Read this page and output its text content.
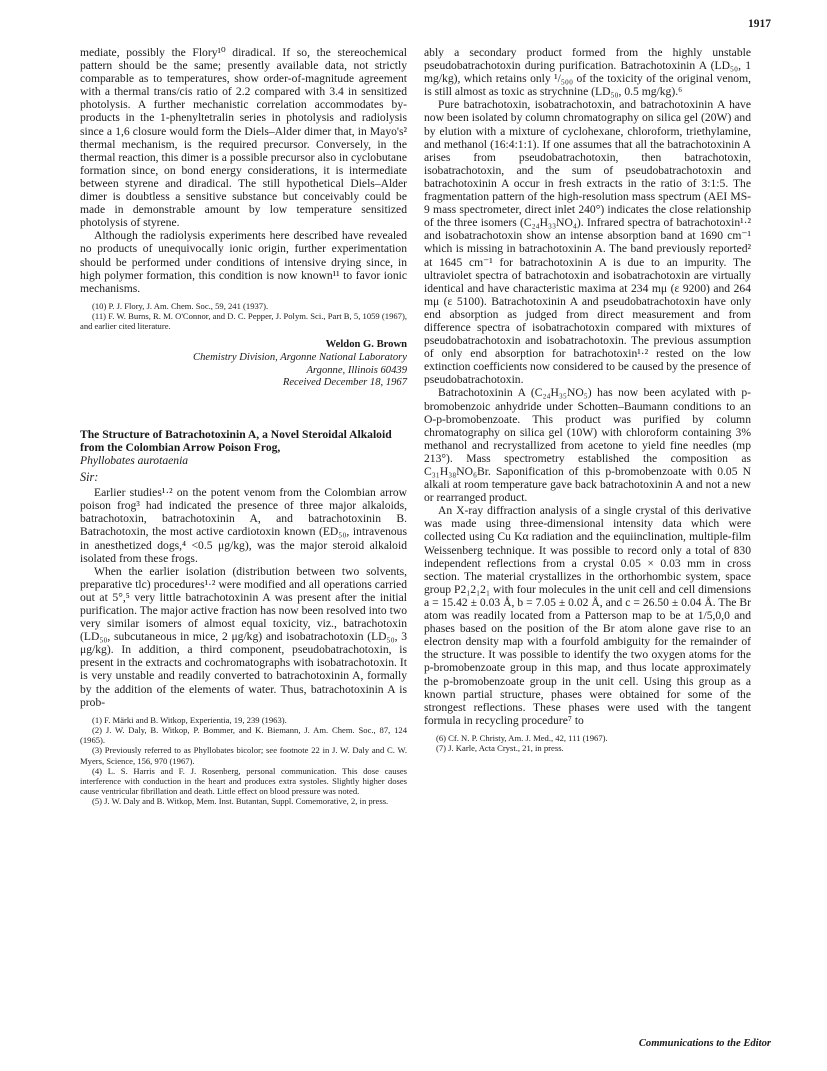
1917

mediate, possibly the Flory¹⁰ diradical. If so, the stereochemical pattern should be the same; presently available data, not strictly comparable as to temperatures, show order-of-magnitude agreement with a thermal trans/cis ratio of 2.2 compared with 3.4 in sensitized photolysis. A further mechanistic correlation accommodates by-products in the 1-phenyltetralin series in photolysis and radiolysis since a 1,6 closure would form the Diels–Alder dimer that, in Mayo's² thermal mechanism, is the required precursor. Conversely, in the thermal reaction, this dimer is a possible precursor also in cyclobutane formation since, on bond energy considerations, it is intermediate between styrene and diradical. The still hypothetical Diels–Alder dimer is doubtless a sensitive substance but conceivably could be made in demonstrable amount by low temperature sensitized photolysis of styrene.

Although the radiolysis experiments here described have revealed no products of unequivocally ionic origin, further experimentation should be performed under conditions of intensive drying since, in high polymer formation, this condition is now known¹¹ to favor ionic mechanisms.

(10) P. J. Flory, J. Am. Chem. Soc., 59, 241 (1937).
(11) F. W. Burns, R. M. O'Connor, and D. C. Pepper, J. Polym. Sci., Part B, 5, 1059 (1967), and earlier cited literature.
Weldon G. Brown
Chemistry Division, Argonne National Laboratory
Argonne, Illinois 60439
Received December 18, 1967
The Structure of Batrachotoxinin A, a Novel Steroidal Alkaloid from the Colombian Arrow Poison Frog,
Phyllobates aurotaenia
Sir:

Earlier studies¹·² on the potent venom from the Colombian arrow poison frog³ had indicated the presence of three major alkaloids, batrachotoxin, batrachotoxinin A, and batrachotoxinin B. Batrachotoxin, the most active cardiotoxin known (ED₅₀, intravenous in anesthetized dogs,⁴ <0.5 μg/kg), was the major steroid alkaloid isolated from these frogs.

When the earlier isolation (distribution between two solvents, preparative tlc) procedures¹·² were modified and all operations carried out at 5°,⁵ very little batrachotoxinin A was present after the initial purification. The major active fraction has now been resolved into two very similar isomers of almost equal toxicity, viz., batrachotoxin (LD₅₀, subcutaneous in mice, 2 μg/kg) and isobatrachotoxin (LD₅₀, 3 μg/kg). In addition, a third component, pseudobatrachotoxin, is present in the extracts and cochromatographs with isobatrachotoxin. It is very unstable and readily converted to batrachotoxinin A, formally by the addition of the elements of water. Thus, batrachotoxinin A is prob-

(1) F. Märki and B. Witkop, Experientia, 19, 239 (1963).
(2) J. W. Daly, B. Witkop, P. Bommer, and K. Biemann, J. Am. Chem. Soc., 87, 124 (1965).
(3) Previously referred to as Phyllobates bicolor; see footnote 22 in J. W. Daly and C. W. Myers, Science, 156, 970 (1967).
(4) L. S. Harris and F. J. Rosenberg, personal communication. This dose causes interference with conduction in the heart and produces extra systoles. Slightly higher doses cause ventricular fibrillation and death. Little effect on blood pressure was noted.
(5) J. W. Daly and B. Witkop, Mem. Inst. Butantan, Suppl. Comemorative, 2, in press.

ably a secondary product formed from the highly unstable pseudobatrachotoxin during purification. Batrachotoxinin A (LD₅₀, 1 mg/kg), which retains only ¹/₅₀₀ of the toxicity of the original venom, is still almost as toxic as strychnine (LD₅₀, 0.5 mg/kg).⁶

Pure batrachotoxin, isobatrachotoxin, and batrachotoxinin A have now been isolated by column chromatography on silica gel (20W) and by elution with a mixture of cyclohexane, chloroform, triethylamine, and methanol (16:4:1:1). If one assumes that all the batrachotoxinin A arises from pseudobatrachotoxin, then batrachotoxin, isobatrachotoxin, and the sum of pseudobatrachotoxin and batrachotoxinin A occur in fresh extracts in the ratio of 3:1:5. The fragmentation pattern of the high-resolution mass spectrum (AEI MS-9 mass spectrometer, direct inlet 240°) indicates the close relationship of the three isomers (C₂₄H₃₃NO₄). Infrared spectra of batrachotoxin¹·² and isobatrachotoxin show an intense absorption band at 1690 cm⁻¹ which is missing in batrachotoxinin A. The band previously reported² at 1645 cm⁻¹ for batrachotoxinin A is due to an impurity. The ultraviolet spectra of batrachotoxin and isobatrachotoxin are virtually identical and have characteristic maxima at 234 mμ (ε 9200) and 264 mμ (ε 5100). Batrachotoxinin A and pseudobatrachotoxin have only end absorption as judged from direct measurement and from difference spectra of isobatrachotoxin compared with mixtures of pseudobatrachotoxin and isobatrachotoxin. The previous assumption of only end absorption for batrachotoxin¹·² rested on the low extinction coefficients now considered to be caused by the presence of pseudobatrachotoxin.

Batrachotoxinin A (C₂₄H₃₅NO₅) has now been acylated with p-bromobenzoic anhydride under Schotten–Baumann conditions to an O-p-bromobenzoate. This product was purified by column chromatography on silica gel (10W) with chloroform containing 3% methanol and recrystallized from acetone to yield fine needles (mp 213°). Mass spectrometry established the composition as C₃₁H₃₈NO₆Br. Saponification of this p-bromobenzoate with 0.05 N alkali at room temperature gave back batrachotoxinin A and not a new or rearranged product.

An X-ray diffraction analysis of a single crystal of this derivative was made using three-dimensional intensity data which were collected using Cu Kα radiation and the equiinclination, multiple-film Weissenberg technique. It was possible to record only a total of 830 independent reflections from a crystal 0.05 × 0.03 mm in cross section. The material crystallizes in the orthorhombic system, space group P2₁2₁2₁ with four molecules in the unit cell and cell dimensions a = 15.42 ± 0.03 Å, b = 7.05 ± 0.02 Å, and c = 26.50 ± 0.04 Å. The Br atom was readily located from a Patterson map to be at 1/5,0,0 and phases based on the position of the Br atom alone gave rise to an electron density map with a fourfold ambiguity for the remainder of the structure. It was possible to identify the two oxygen atoms for the p-bromobenzoate group in this map, and thus locate approximately the p-bromobenzoate group in the unit cell. Using this group as a known partial structure, phases were obtained for some of the strongest reflections. These phases were used with the tangent formula in recycling procedure⁷ to

(6) Cf. N. P. Christy, Am. J. Med., 42, 111 (1967).
(7) J. Karle, Acta Cryst., 21, in press.
Communications to the Editor
